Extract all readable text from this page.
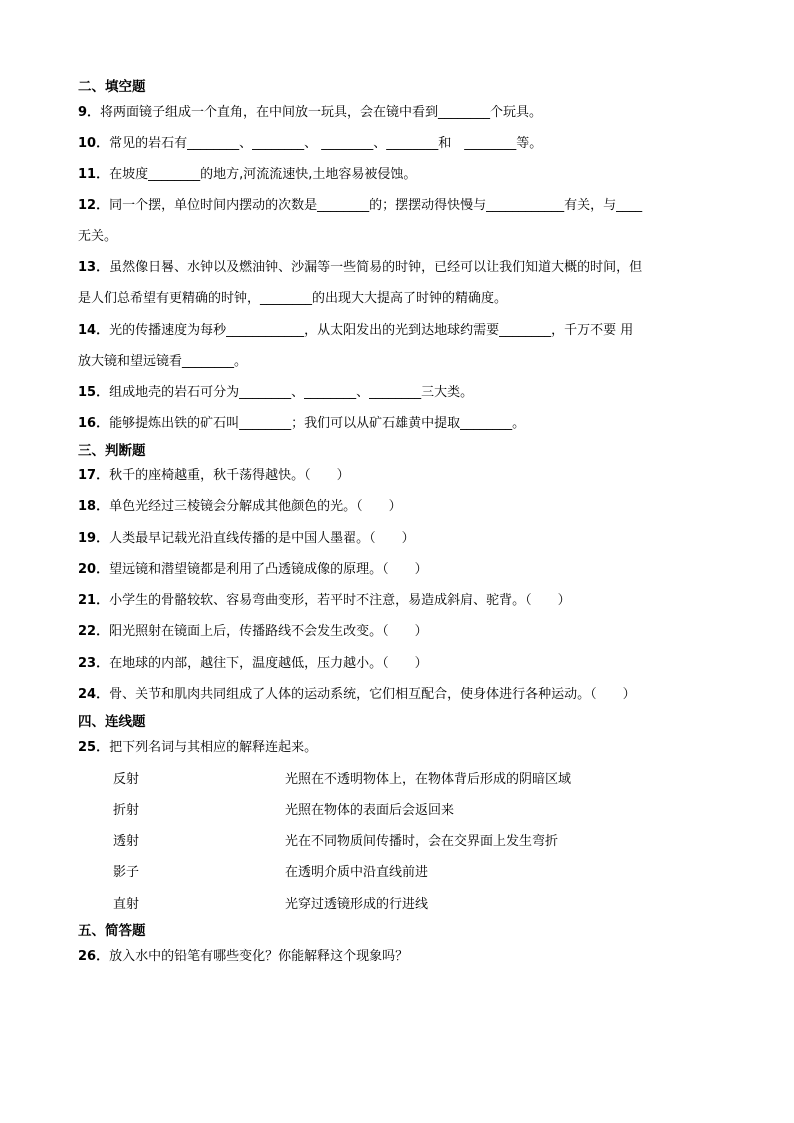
二、填空题
9．将两面镜子组成一个直角，在中间放一玩具，会在镜中看到________个玩具。
10．常见的岩石有________、________、 ________、________和　________等。
11．在坡度________的地方,河流流速快,土地容易被侵蚀。
12．同一个摆，单位时间内摆动的次数是________的；摆摆动得快慢与____________有关，与____
无关。
13．虽然像日晷、水钟以及燃油钟、沙漏等一些简易的时钟，已经可以让我们知道大概的时间，但
是人们总希望有更精确的时钟，________的出现大大提高了时钟的精确度。
14．光的传播速度为每秒____________，从太阳发出的光到达地球约需要________，千万不要 用
放大镜和望远镜看________。
15．组成地壳的岩石可分为________、________、________三大类。
16．能够提炼出铁的矿石叫________；我们可以从矿石雄黄中提取________。
三、判断题
17．秋千的座椅越重，秋千荡得越快。（　　）
18．单色光经过三棱镜会分解成其他颜色的光。（　　）
19．人类最早记载光沿直线传播的是中国人墨翟。（　　）
20．望远镜和潜望镜都是利用了凸透镜成像的原理。（　　）
21．小学生的骨骼较软、容易弯曲变形，若平时不注意，易造成斜肩、驼背。（　　）
22．阳光照射在镜面上后，传播路线不会发生改变。（　　）
23．在地球的内部，越往下，温度越低，压力越小。（　　）
24．骨、关节和肌肉共同组成了人体的运动系统，它们相互配合，使身体进行各种运动。（　　）
四、连线题
25．把下列名词与其相应的解释连起来。
反射	光照在不透明物体上，在物体背后形成的阴暗区域
折射	光照在物体的表面后会返回来
透射	光在不同物质间传播时，会在交界面上发生弯折
影子	在透明介质中沿直线前进
直射	光穿过透镜形成的行进线
五、简答题
26．放入水中的铅笔有哪些变化？你能解释这个现象吗？
